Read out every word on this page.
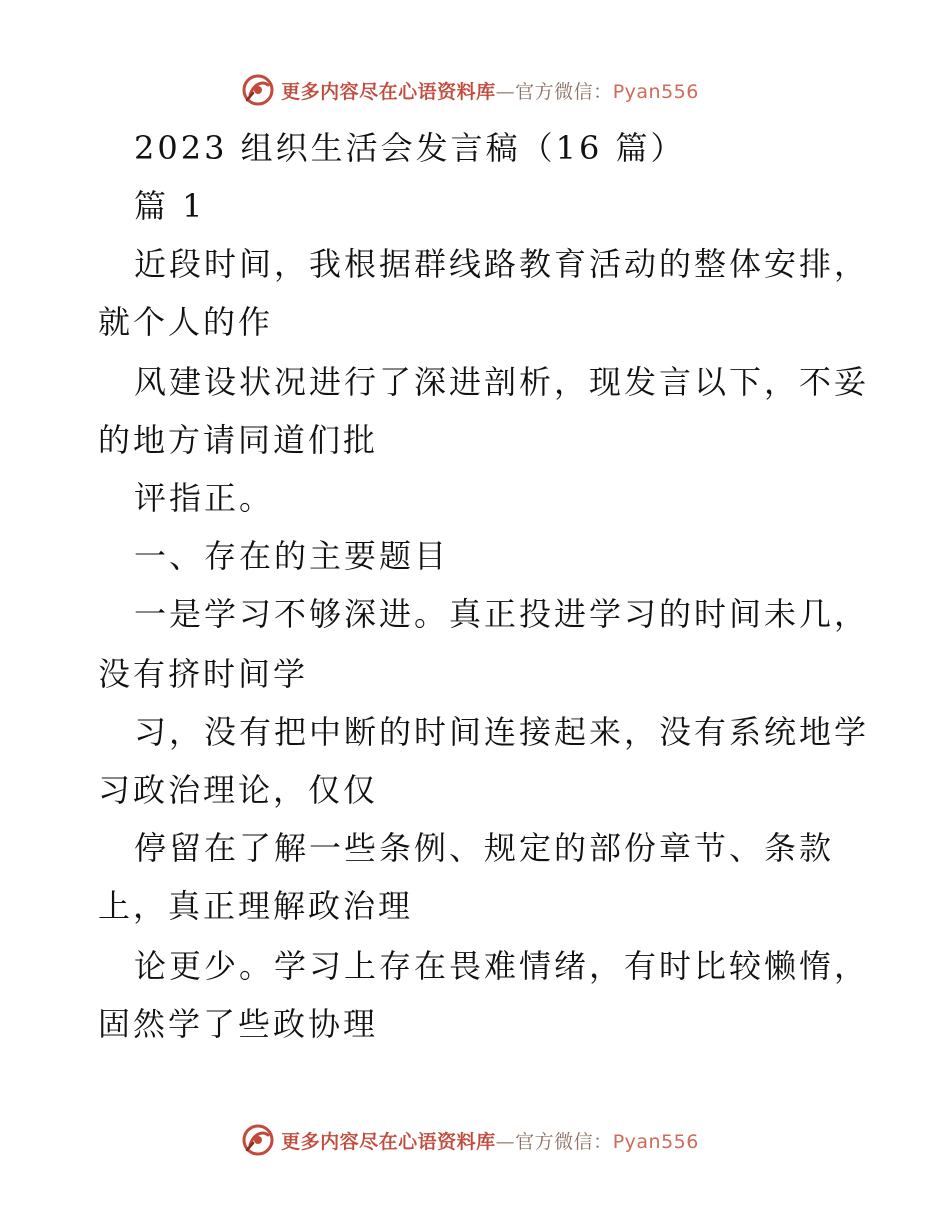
更多内容尽在心语资料库—官方微信：Pyan556
2023 组织生活会发言稿（16 篇）
篇 1
近段时间，我根据群线路教育活动的整体安排，
就个人的作
风建设状况进行了深进剖析，现发言以下，不妥
的地方请同道们批
评指正。
一、存在的主要题目
一是学习不够深进。真正投进学习的时间未几，
没有挤时间学
习，没有把中断的时间连接起来，没有系统地学
习政治理论，仅仅
停留在了解一些条例、规定的部份章节、条款
上，真正理解政治理
论更少。学习上存在畏难情绪，有时比较懒惰，
固然学了些政协理
更多内容尽在心语资料库—官方微信：Pyan556
